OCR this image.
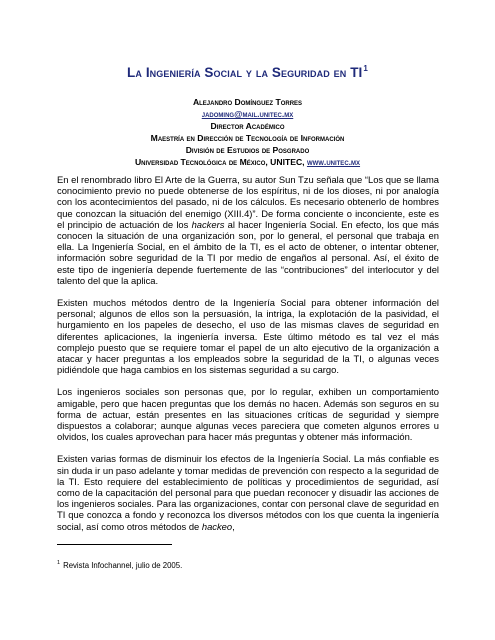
La Ingeniería Social y la Seguridad en $TI^1$
Alejandro Domínguez Torres
jadoming@mail.unitec.mx
Director Académico
Maestría en Dirección de Tecnología de Información
División de Estudios de Posgrado
Universidad Tecnológica de México, UNITEC, www.unitec.mx

En el renombrado libro El Arte de la Guerra, su autor Sun Tzu señala que “Los que se llama conocimiento previo no puede obtenerse de los espíritus, ni de los dioses, ni por analogía con los acontecimientos del pasado, ni de los cálculos. Es necesario obtenerlo de hombres que conozcan la situación del enemigo (XIII.4)”. De forma conciente o inconciente, este es el principio de actuación de los hackers al hacer Ingeniería Social. En efecto, los que más conocen la situación de una organización son, por lo general, el personal que trabaja en ella. La Ingeniería Social, en el ámbito de la TI, es el acto de obtener, o intentar obtener, información sobre seguridad de la TI por medio de engaños al personal. Así, el éxito de este tipo de ingeniería depende fuertemente de las “contribuciones” del interlocutor y del talento del que la aplica.

Existen muchos métodos dentro de la Ingeniería Social para obtener información del personal; algunos de ellos son la persuasión, la intriga, la explotación de la pasividad, el hurgamiento en los papeles de desecho, el uso de las mismas claves de seguridad en diferentes aplicaciones, la ingeniería inversa. Este último método es tal vez el más complejo puesto que se requiere tomar el papel de un alto ejecutivo de la organización a atacar y hacer preguntas a los empleados sobre la seguridad de la TI, o algunas veces pidiéndole que haga cambios en los sistemas seguridad a su cargo.

Los ingenieros sociales son personas que, por lo regular, exhiben un comportamiento amigable, pero que hacen preguntas que los demás no hacen. Además son seguros en su forma de actuar, están presentes en las situaciones críticas de seguridad y siempre dispuestos a colaborar; aunque algunas veces pareciera que cometen algunos errores u olvidos, los cuales aprovechan para hacer más preguntas y obtener más información.

Existen varias formas de disminuir los efectos de la Ingeniería Social. La más confiable es sin duda ir un paso adelante y tomar medidas de prevención con respecto a la seguridad de la TI. Esto requiere del establecimiento de políticas y procedimientos de seguridad, así como de la capacitación del personal para que puedan reconocer y disuadir las acciones de los ingenieros sociales. Para las organizaciones, contar con personal clave de seguridad en TI que conozca a fondo y reconozca los diversos métodos con los que cuenta la ingeniería social, así como otros métodos de hackeo,

$^1$ Revista Infochannel, julio de 2005.
